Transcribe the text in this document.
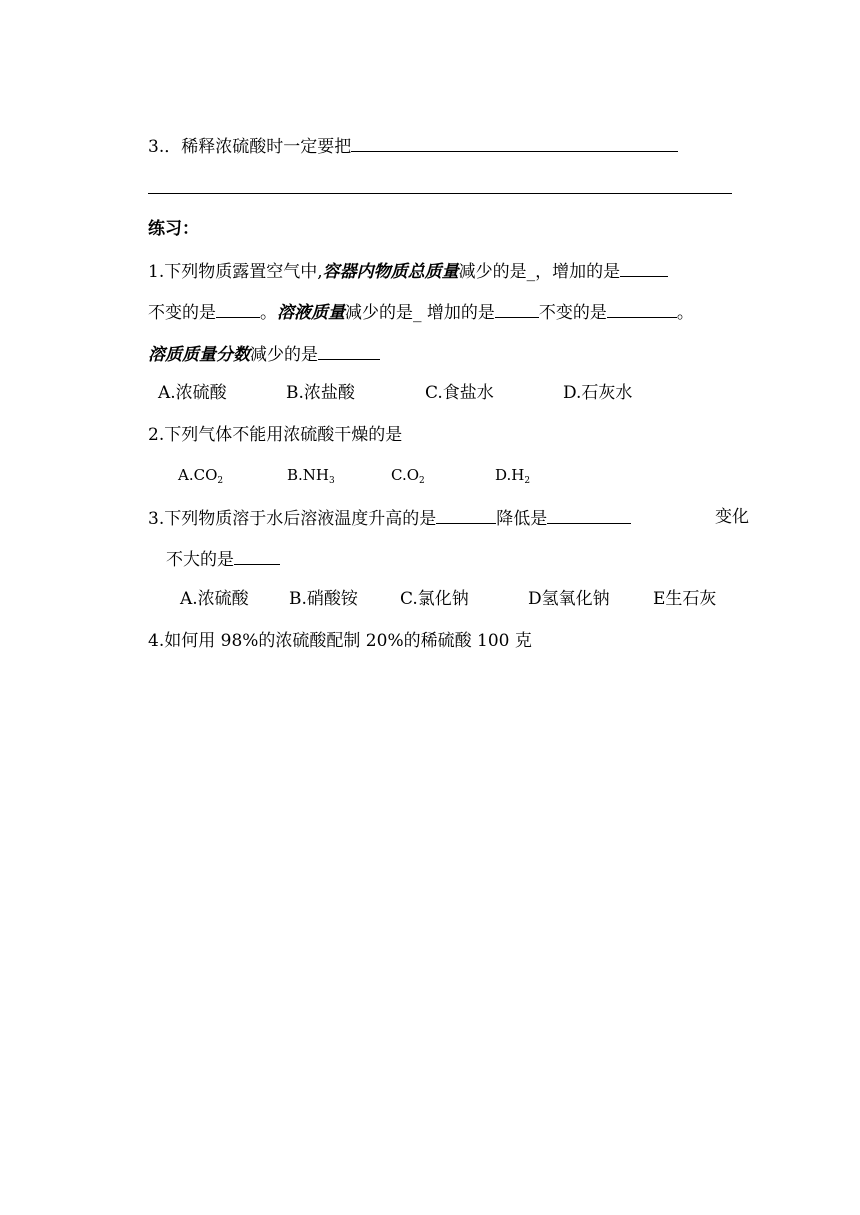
3.．稀释浓硫酸时一定要把
练习：
1.下列物质露置空气中,容器内物质总质量减少的是_，增加的是
不变的是	。溶液质量减少的是_ 增加的是	不变的是	。
溶质质量分数减少的是
A.浓硫酸	B.浓盐酸	C.食盐水	D.石灰水
2.下列气体不能用浓硫酸干燥的是
$A.CO_2$	$B.NH_3$	$C.O_2$	$D.H_2$
3.下列物质溶于水后溶液温度升高的是	降低是	变化
不大的是
A.浓硫酸 B.硝酸铵 C.氯化钠	D氢氧化钠	E生石灰
4.如何用 98%的浓硫酸配制 20%的稀硫酸 100 克
